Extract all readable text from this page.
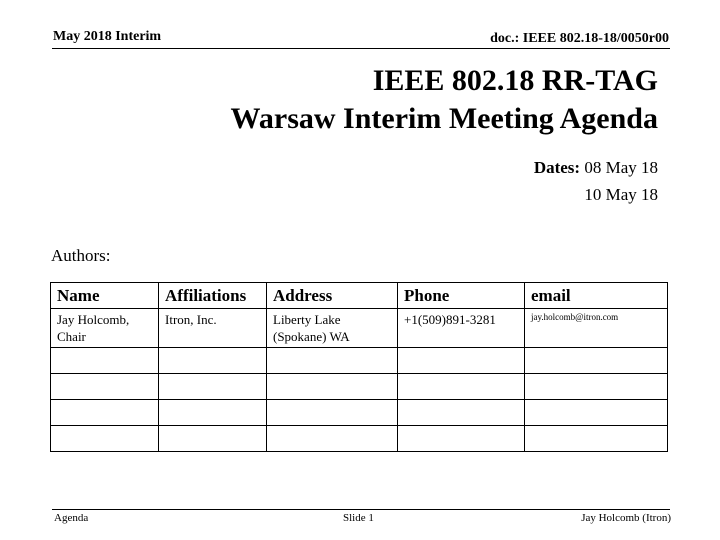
May 2018 Interim	doc.: IEEE 802.18-18/0050r00
IEEE 802.18 RR-TAG
Warsaw Interim Meeting Agenda
Dates: 08 May 18
10 May 18
Authors:
Name	Affiliations	Address	Phone	email
Jay Holcomb, Chair	Itron, Inc.	Liberty Lake (Spokane) WA	+1(509)891-3281	jay.holcomb@itron.com

Agenda	Slide 1	Jay Holcomb (Itron)
